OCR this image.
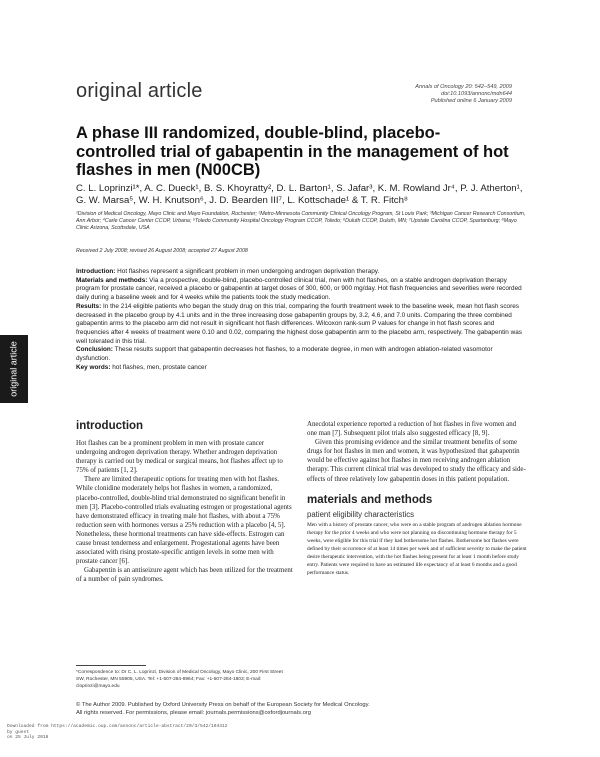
original article	Annals of Oncology 20: 542–549, 2009
doi:10.1093/annonc/mdn644
Published online 6 January 2009
A phase III randomized, double-blind, placebo-controlled trial of gabapentin in the management of hot flashes in men (N00CB)
C. L. Loprinzi¹*, A. C. Dueck¹, B. S. Khoyratty², D. L. Barton¹, S. Jafar³, K. M. Rowland Jr⁴, P. J. Atherton¹, G. W. Marsa⁵, W. H. Knutson⁶, J. D. Bearden III⁷, L. Kottschade¹ & T. R. Fitch⁸
¹Division of Medical Oncology, Mayo Clinic and Mayo Foundation, Rochester; ²Metro-Minnesota Community Clinical Oncology Program, St Louis Park; ³Michigan Cancer Research Consortium, Ann Arbor; ⁴Carle Cancer Center CCOP, Urbana; ⁵Toledo Community Hospital Oncology Program CCOP, Toledo; ⁶Duluth CCOP, Duluth, MN; ⁷Upstate Carolina CCOP, Spartanburg; ⁸Mayo Clinic Arizona, Scottsdale, USA
Received 2 July 2008; revised 26 August 2008; accepted 27 August 2008

Introduction: Hot flashes represent a significant problem in men undergoing androgen deprivation therapy.

Materials and methods: Via a prospective, double-blind, placebo-controlled clinical trial, men with hot flashes, on a stable androgen deprivation therapy program for prostate cancer, received a placebo or gabapentin at target doses of 300, 600, or 900 mg/day. Hot flash frequencies and severities were recorded daily during a baseline week and for 4 weeks while the patients took the study medication.

Results: In the 214 eligible patients who began the study drug on this trial, comparing the fourth treatment week to the baseline week, mean hot flash scores decreased in the placebo group by 4.1 units and in the three increasing dose gabapentin groups by, 3.2, 4.6, and 7.0 units. Comparing the three combined gabapentin arms to the placebo arm did not result in significant hot flash differences. Wilcoxon rank-sum P values for change in hot flash scores and frequencies after 4 weeks of treatment were 0.10 and 0.02, comparing the highest dose gabapentin arm to the placebo arm, respectively. The gabapentin was well tolerated in this trial.

Conclusion: These results support that gabapentin decreases hot flashes, to a moderate degree, in men with androgen ablation-related vasomotor dysfunction.

Key words: hot flashes, men, prostate cancer

original article

introduction

Hot flashes can be a prominent problem in men with prostate cancer undergoing androgen deprivation therapy. Whether androgen deprivation therapy is carried out by medical or surgical means, hot flashes affect up to 75% of patients [1, 2].

There are limited therapeutic options for treating men with hot flashes. While clonidine moderately helps hot flashes in women, a randomized, placebo-controlled, double-blind trial demonstrated no significant benefit in men [3]. Placebo-controlled trials evaluating estrogen or progestational agents have demonstrated efficacy in treating male hot flashes, with about a 75% reduction seen with hormones versus a 25% reduction with a placebo [4, 5]. Nonetheless, these hormonal treatments can have side-effects. Estrogen can cause breast tenderness and enlargement. Progestational agents have been associated with rising prostate-specific antigen levels in some men with prostate cancer [6].

Gabapentin is an antiseizure agent which has been utilized for the treatment of a number of pain syndromes.

Anecdotal experience reported a reduction of hot flashes in five women and one man [7]. Subsequent pilot trials also suggested efficacy [8, 9].

Given this promising evidence and the similar treatment benefits of some drugs for hot flashes in men and women, it was hypothesized that gabapentin would be effective against hot flashes in men receiving androgen ablation therapy. This current clinical trial was developed to study the efficacy and side-effects of three relatively low gabapentin doses in this patient population.

materials and methods

patient eligibility characteristics

Men with a history of prostate cancer, who were on a stable program of androgen ablation hormone therapy for the prior 4 weeks and who were not planning on discontinuing hormone therapy for 5 weeks, were eligible for this trial if they had bothersome hot flashes. Bothersome hot flashes were defined by their occurrence of at least 14 times per week and of sufficient severity to make the patient desire therapeutic intervention, with the hot flashes being present for at least 1 month before study entry. Patients were required to have an estimated life expectancy of at least 6 months and a good performance status.

*Correspondence to: Dr C. L. Loprinzi, Division of Medical Oncology, Mayo Clinic, 200 First Street SW, Rochester, MN 55905, USA. Tel: +1-507-284-8964; Fax: +1-507-284-1803; E-mail: cloprinzi@mayo.edu
© The Author 2009. Published by Oxford University Press on behalf of the European Society for Medical Oncology.
All rights reserved. For permissions, please email: journals.permissions@oxfordjournals.org
Downloaded from https://academic.oup.com/annonc/article-abstract/20/3/542/194412
by guest
on 25 July 2018
